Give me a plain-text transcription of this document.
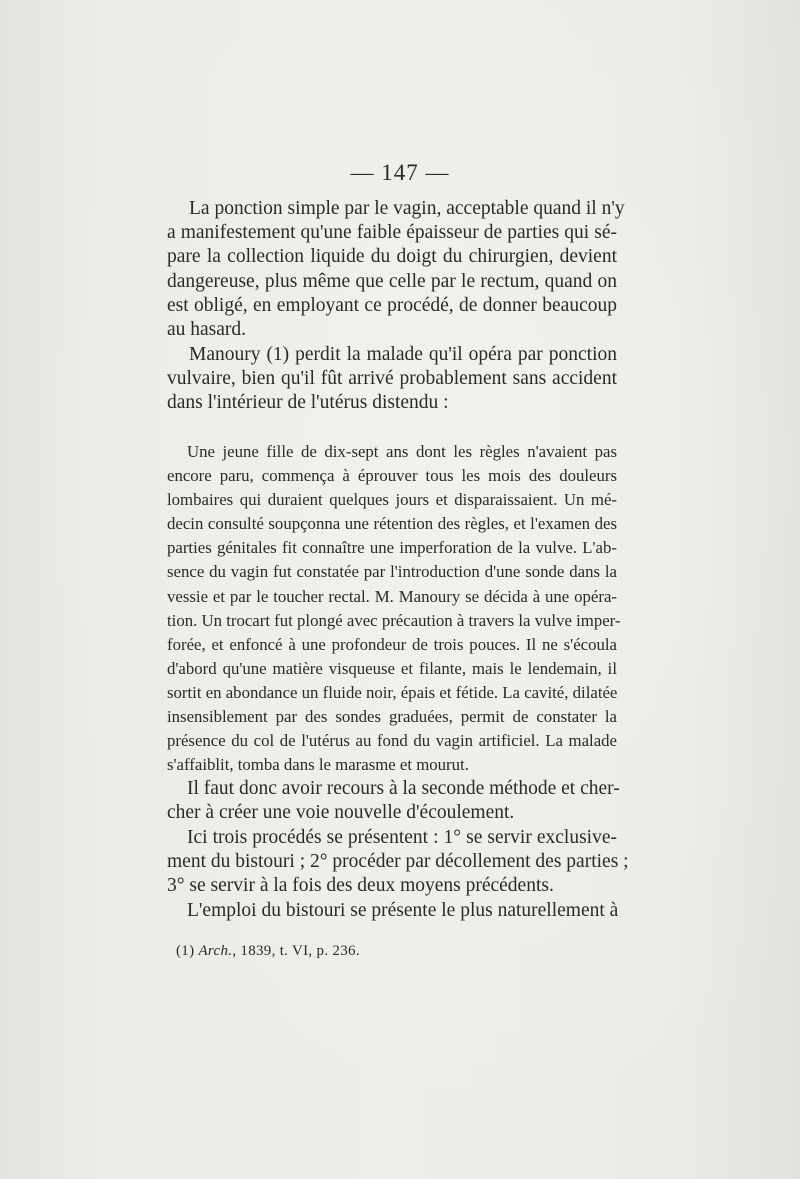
— 147 —
La ponction simple par le vagin, acceptable quand il n'y
a manifestement qu'une faible épaisseur de parties qui sé-
pare la collection liquide du doigt du chirurgien, devient
dangereuse, plus même que celle par le rectum, quand on
est obligé, en employant ce procédé, de donner beaucoup
au hasard.
Manoury (1) perdit la malade qu'il opéra par ponction
vulvaire, bien qu'il fût arrivé probablement sans accident
dans l'intérieur de l'utérus distendu :
Une jeune fille de dix-sept ans dont les règles n'avaient pas
encore paru, commença à éprouver tous les mois des douleurs
lombaires qui duraient quelques jours et disparaissaient. Un mé-
decin consulté soupçonna une rétention des règles, et l'examen des
parties génitales fit connaître une imperforation de la vulve. L'ab-
sence du vagin fut constatée par l'introduction d'une sonde dans la
vessie et par le toucher rectal. M. Manoury se décida à une opéra-
tion. Un trocart fut plongé avec précaution à travers la vulve imper-
forée, et enfoncé à une profondeur de trois pouces. Il ne s'écoula
d'abord qu'une matière visqueuse et filante, mais le lendemain, il
sortit en abondance un fluide noir, épais et fétide. La cavité, dilatée
insensiblement par des sondes graduées, permit de constater la
présence du col de l'utérus au fond du vagin artificiel. La malade
s'affaiblit, tomba dans le marasme et mourut.
Il faut donc avoir recours à la seconde méthode et cher-
cher à créer une voie nouvelle d'écoulement.
Ici trois procédés se présentent : 1° se servir exclusive-
ment du bistouri ; 2° procéder par décollement des parties ;
3° se servir à la fois des deux moyens précédents.
L'emploi du bistouri se présente le plus naturellement à
(1) Arch., 1839, t. VI, p. 236.
